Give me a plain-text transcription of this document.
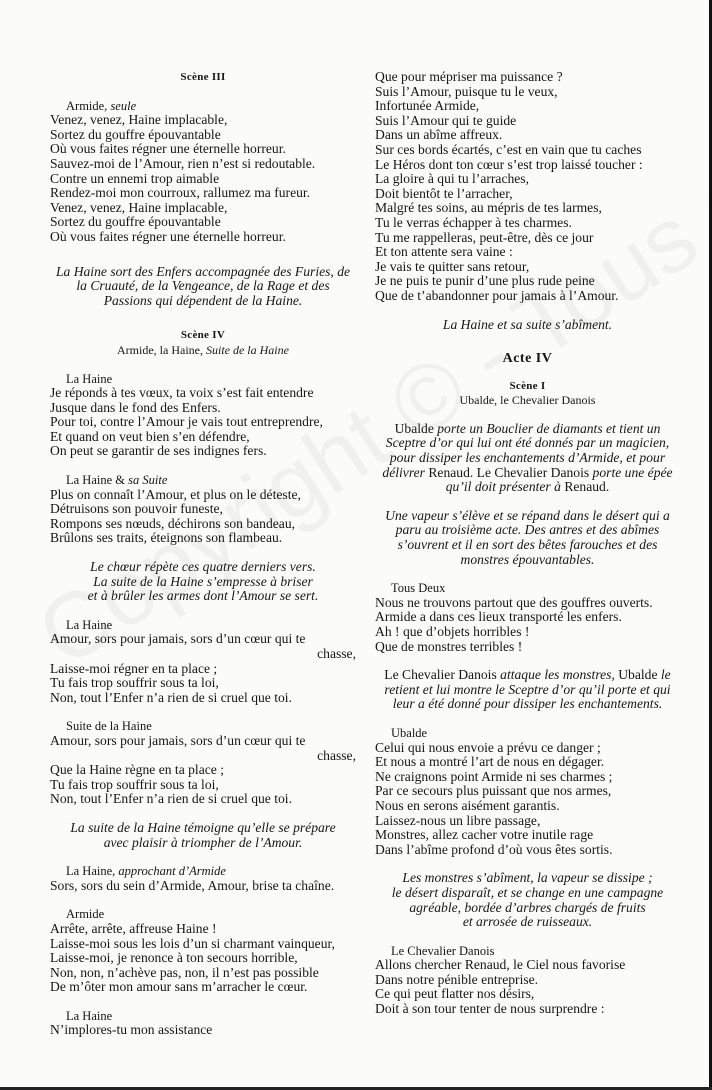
Scène III
Armide, seule
Venez, venez, Haine implacable,
Sortez du gouffre épouvantable
Où vous faites régner une éternelle horreur.
Sauvez-moi de l’Amour, rien n’est si redoutable.
Contre un ennemi trop aimable
Rendez-moi mon courroux, rallumez ma fureur.
Venez, venez, Haine implacable,
Sortez du gouffre épouvantable
Où vous faites régner une éternelle horreur.
La Haine sort des Enfers accompagnée des Furies, de
la Cruauté, de la Vengeance, de la Rage et des
Passions qui dépendent de la Haine.
Scène IV
Armide, la Haine, Suite de la Haine
La Haine
Je réponds à tes vœux, ta voix s’est fait entendre
Jusque dans le fond des Enfers.
Pour toi, contre l’Amour je vais tout entreprendre,
Et quand on veut bien s’en défendre,
On peut se garantir de ses indignes fers.
La Haine & sa Suite
Plus on connaît l’Amour, et plus on le déteste,
Détruisons son pouvoir funeste,
Rompons ses nœuds, déchirons son bandeau,
Brûlons ses traits, éteignons son flambeau.
Le chœur répète ces quatre derniers vers.
La suite de la Haine s’empresse à briser
et à brûler les armes dont l’Amour se sert.
La Haine
Amour, sors pour jamais, sors d’un cœur qui te
chasse,
Laisse-moi régner en ta place ;
Tu fais trop souffrir sous ta loi,
Non, tout l’Enfer n’a rien de si cruel que toi.
Suite de la Haine
Amour, sors pour jamais, sors d’un cœur qui te
chasse,
Que la Haine règne en ta place ;
Tu fais trop souffrir sous ta loi,
Non, tout l’Enfer n’a rien de si cruel que toi.
La suite de la Haine témoigne qu’elle se prépare
avec plaisir à triompher de l’Amour.
La Haine, approchant d’Armide
Sors, sors du sein d’Armide, Amour, brise ta chaîne.
Armide
Arrête, arrête, affreuse Haine !
Laisse-moi sous les lois d’un si charmant vainqueur,
Laisse-moi, je renonce à ton secours horrible,
Non, non, n’achève pas, non, il n’est pas possible
De m’ôter mon amour sans m’arracher le cœur.
La Haine
N’implores-tu mon assistance
Que pour mépriser ma puissance ?
Suis l’Amour, puisque tu le veux,
Infortunée Armide,
Suis l’Amour qui te guide
Dans un abîme affreux.
Sur ces bords écartés, c’est en vain que tu caches
Le Héros dont ton cœur s’est trop laissé toucher :
La gloire à qui tu l’arraches,
Doit bientôt te l’arracher,
Malgré tes soins, au mépris de tes larmes,
Tu le verras échapper à tes charmes.
Tu me rappelleras, peut-être, dès ce jour
Et ton attente sera vaine :
Je vais te quitter sans retour,
Je ne puis te punir d’une plus rude peine
Que de t’abandonner pour jamais à l’Amour.
La Haine et sa suite s’abîment.
Acte IV
Scène I
Ubalde, le Chevalier Danois
Ubalde porte un Bouclier de diamants et tient un
Sceptre d’or qui lui ont été donnés par un magicien,
pour dissiper les enchantements d’Armide, et pour
délivrer Renaud. Le Chevalier Danois porte une épée
qu’il doit présenter à Renaud.
Une vapeur s’élève et se répand dans le désert qui a
paru au troisième acte. Des antres et des abîmes
s’ouvrent et il en sort des bêtes farouches et des
monstres épouvantables.
Tous Deux
Nous ne trouvons partout que des gouffres ouverts.
Armide a dans ces lieux transporté les enfers.
Ah ! que d’objets horribles !
Que de monstres terribles !
Le Chevalier Danois attaque les monstres, Ubalde le
retient et lui montre le Sceptre d’or qu’il porte et qui
leur a été donné pour dissiper les enchantements.
Ubalde
Celui qui nous envoie a prévu ce danger ;
Et nous a montré l’art de nous en dégager.
Ne craignons point Armide ni ses charmes ;
Par ce secours plus puissant que nos armes,
Nous en serons aisément garantis.
Laissez-nous un libre passage,
Monstres, allez cacher votre inutile rage
Dans l’abîme profond d’où vous êtes sortis.
Les monstres s’abîment, la vapeur se dissipe ;
le désert disparaît, et se change en une campagne
agréable, bordée d’arbres chargés de fruits
et arrosée de ruisseaux.
Le Chevalier Danois
Allons chercher Renaud, le Ciel nous favorise
Dans notre pénible entreprise.
Ce qui peut flatter nos désirs,
Doit à son tour tenter de nous surprendre :
